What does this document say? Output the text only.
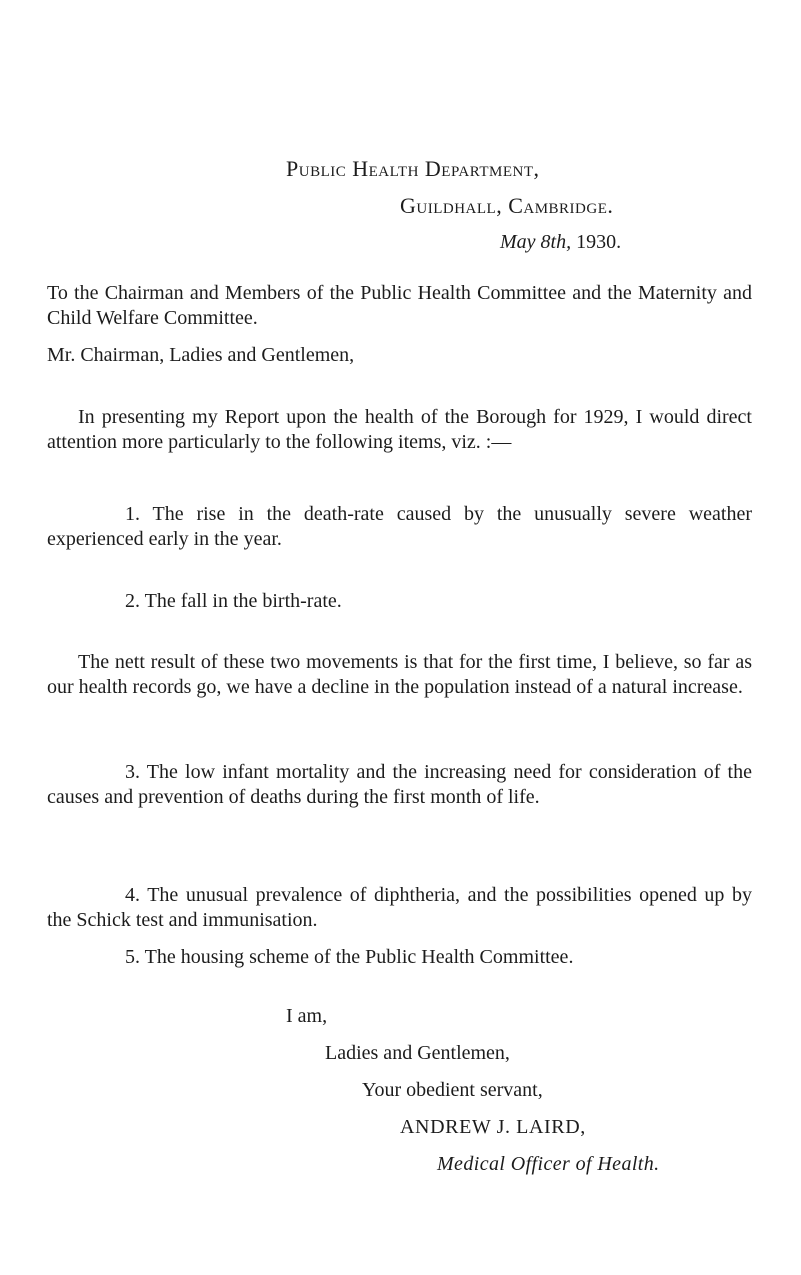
Public Health Department,
Guildhall, Cambridge.
May 8th, 1930.
To the Chairman and Members of the Public Health Committee and the Maternity and Child Welfare Committee.
Mr. Chairman, Ladies and Gentlemen,
In presenting my Report upon the health of the Borough for 1929, I would direct attention more particularly to the following items, viz. :—
1. The rise in the death-rate caused by the unusually severe weather experienced early in the year.
2. The fall in the birth-rate.
The nett result of these two movements is that for the first time, I believe, so far as our health records go, we have a decline in the population instead of a natural increase.
3. The low infant mortality and the increasing need for consideration of the causes and prevention of deaths during the first month of life.
4. The unusual prevalence of diphtheria, and the possibilities opened up by the Schick test and immunisation.
5. The housing scheme of the Public Health Committee.
I am,
Ladies and Gentlemen,
Your obedient servant,
ANDREW J. LAIRD,
Medical Officer of Health.
